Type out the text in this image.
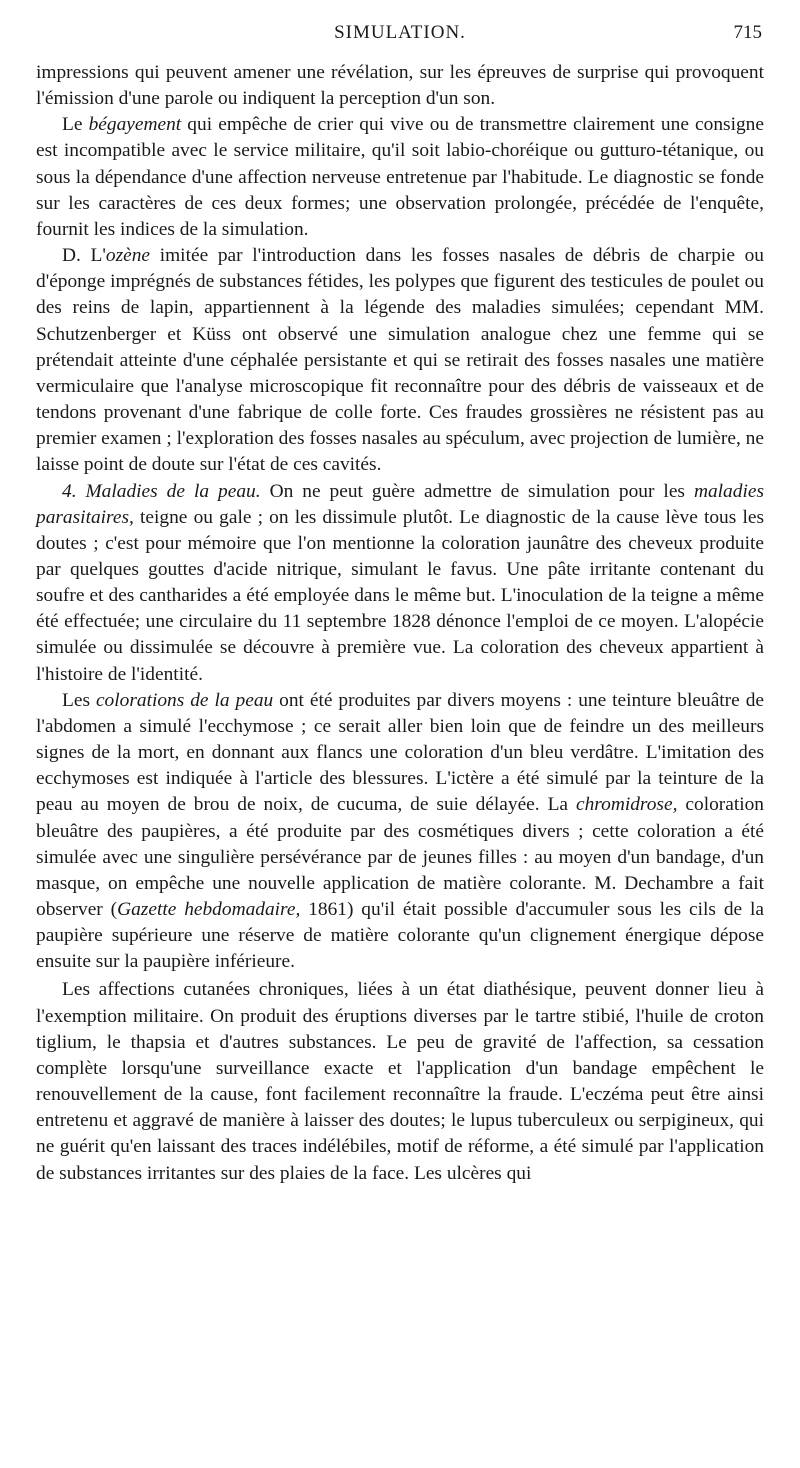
SIMULATION.	715

impressions qui peuvent amener une révélation, sur les épreuves de surprise qui provoquent l'émission d'une parole ou indiquent la perception d'un son.

Le bégayement qui empêche de crier qui vive ou de transmettre clairement une consigne est incompatible avec le service militaire, qu'il soit labio-choréique ou gutturo-tétanique, ou sous la dépendance d'une affection nerveuse entretenue par l'habitude. Le diagnostic se fonde sur les caractères de ces deux formes; une observation prolongée, précédée de l'enquête, fournit les indices de la simulation.

D. L'ozène imitée par l'introduction dans les fosses nasales de débris de charpie ou d'éponge imprégnés de substances fétides, les polypes que figurent des testicules de poulet ou des reins de lapin, appartiennent à la légende des maladies simulées; cependant MM. Schutzenberger et Küss ont observé une simulation analogue chez une femme qui se prétendait atteinte d'une céphalée persistante et qui se retirait des fosses nasales une matière vermiculaire que l'analyse microscopique fit reconnaître pour des débris de vaisseaux et de tendons provenant d'une fabrique de colle forte. Ces fraudes grossières ne résistent pas au premier examen ; l'exploration des fosses nasales au spéculum, avec projection de lumière, ne laisse point de doute sur l'état de ces cavités.

4. Maladies de la peau. On ne peut guère admettre de simulation pour les maladies parasitaires, teigne ou gale ; on les dissimule plutôt. Le diagnostic de la cause lève tous les doutes ; c'est pour mémoire que l'on mentionne la coloration jaunâtre des cheveux produite par quelques gouttes d'acide nitrique, simulant le favus. Une pâte irritante contenant du soufre et des cantharides a été employée dans le même but. L'inoculation de la teigne a même été effectuée; une circulaire du 11 septembre 1828 dénonce l'emploi de ce moyen. L'alopécie simulée ou dissimulée se découvre à première vue. La coloration des cheveux appartient à l'histoire de l'identité.

Les colorations de la peau ont été produites par divers moyens : une teinture bleuâtre de l'abdomen a simulé l'ecchymose ; ce serait aller bien loin que de feindre un des meilleurs signes de la mort, en donnant aux flancs une coloration d'un bleu verdâtre. L'imitation des ecchymoses est indiquée à l'article des blessures. L'ictère a été simulé par la teinture de la peau au moyen de brou de noix, de cucuma, de suie délayée. La chromidrose, coloration bleuâtre des paupières, a été produite par des cosmétiques divers ; cette coloration a été simulée avec une singulière persévérance par de jeunes filles : au moyen d'un bandage, d'un masque, on empêche une nouvelle application de matière colorante. M. Dechambre a fait observer (Gazette hebdomadaire, 1861) qu'il était possible d'accumuler sous les cils de la paupière supérieure une réserve de matière colorante qu'un clignement énergique dépose ensuite sur la paupière inférieure.

Les affections cutanées chroniques, liées à un état diathésique, peuvent donner lieu à l'exemption militaire. On produit des éruptions diverses par le tartre stibié, l'huile de croton tiglium, le thapsia et d'autres substances. Le peu de gravité de l'affection, sa cessation complète lorsqu'une surveillance exacte et l'application d'un bandage empêchent le renouvellement de la cause, font facilement reconnaître la fraude. L'eczéma peut être ainsi entretenu et aggravé de manière à laisser des doutes; le lupus tuberculeux ou serpigineux, qui ne guérit qu'en laissant des traces indélébiles, motif de réforme, a été simulé par l'application de substances irritantes sur des plaies de la face. Les ulcères qui
